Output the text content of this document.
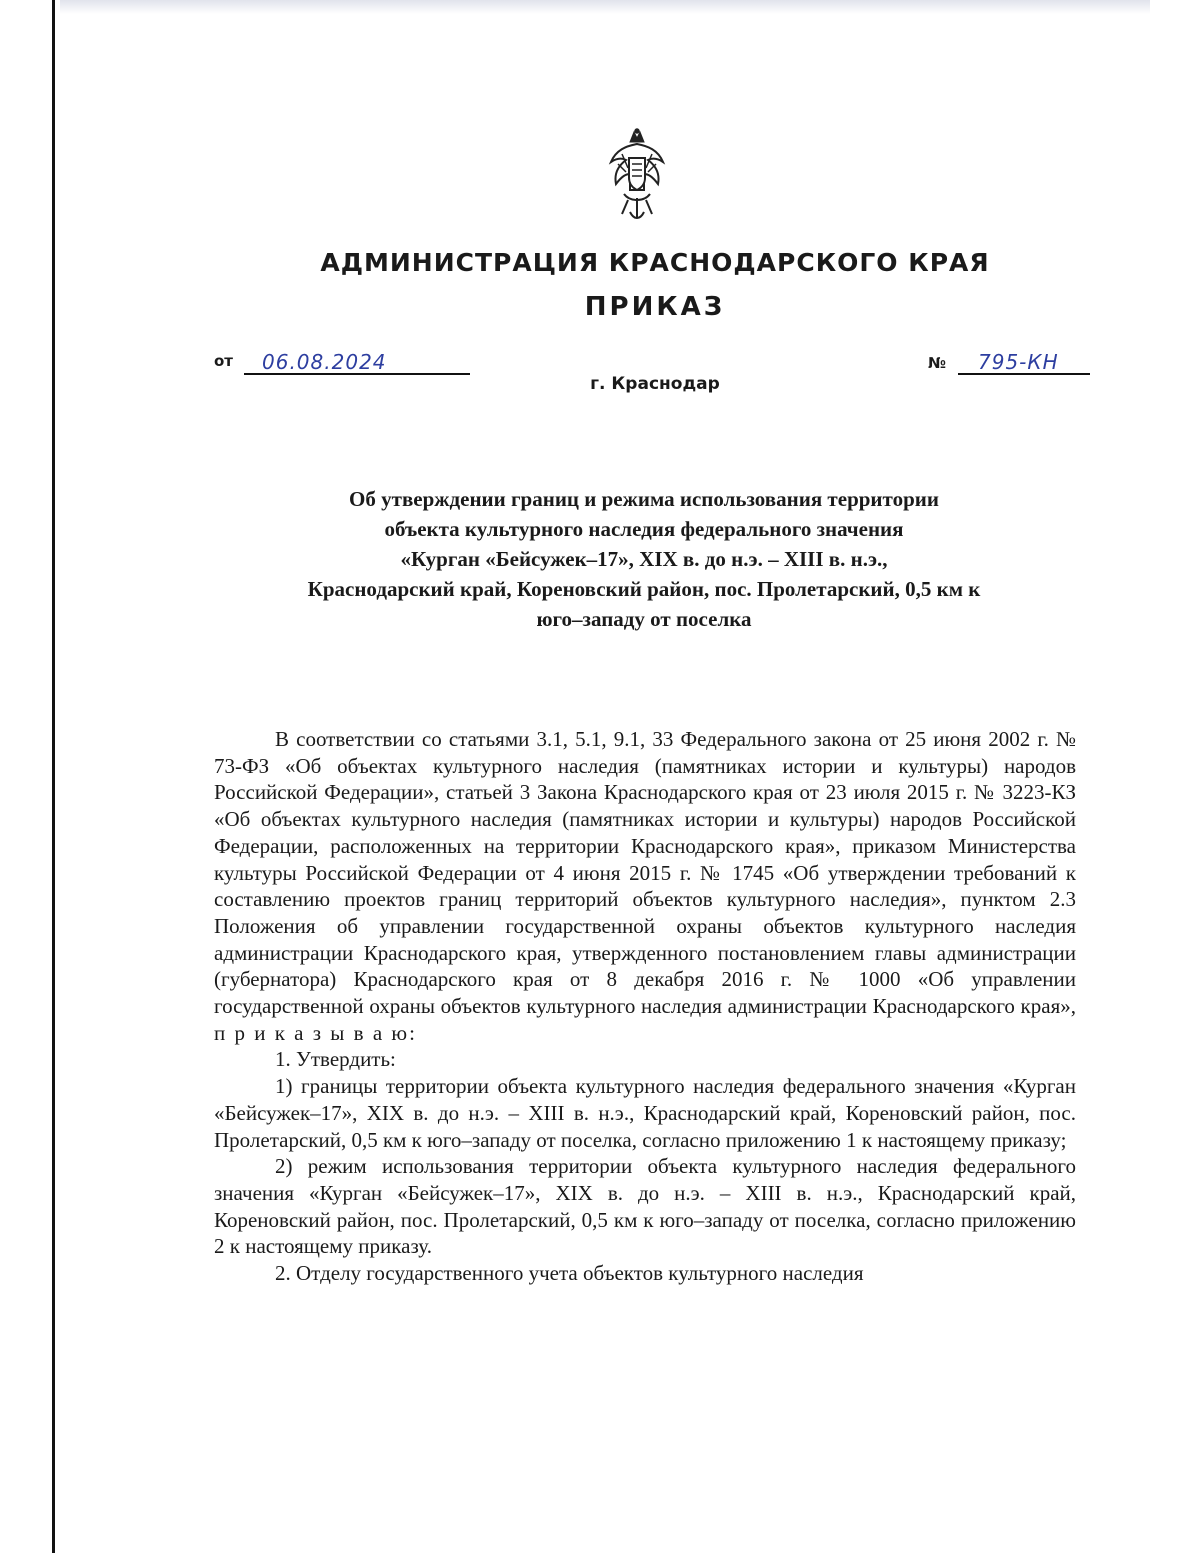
АДМИНИСТРАЦИЯ КРАСНОДАРСКОГО КРАЯ
ПРИКАЗ
от 06.08.2024	№ 795-КН
г. Краснодар
Об утверждении границ и режима использования территории
объекта культурного наследия федерального значения
«Курган «Бейсужек–17», XIX в. до н.э. – XIII в. н.э.,
Краснодарский край, Кореновский район, пос. Пролетарский, 0,5 км к
юго–западу от поселка

В соответствии со статьями 3.1, 5.1, 9.1, 33 Федерального закона от 25 июня 2002 г. № 73-ФЗ «Об объектах культурного наследия (памятниках истории и культуры) народов Российской Федерации», статьей 3 Закона Краснодарского края от 23 июля 2015 г. № 3223-КЗ «Об объектах культурного наследия (памятниках истории и культуры) народов Российской Федерации, расположенных на территории Краснодарского края», приказом Министерства культуры Российской Федерации от 4 июня 2015 г. № 1745 «Об утверждении требований к составлению проектов границ территорий объектов культурного наследия», пунктом 2.3 Положения об управлении государственной охраны объектов культурного наследия администрации Краснодарского края, утвержденного постановлением главы администрации (губернатора) Краснодарского края от 8 декабря 2016 г. № 1000 «Об управлении государственной охраны объектов культурного наследия администрации Краснодарского края», п р и к а з ы в а ю:

1. Утвердить:

1) границы территории объекта культурного наследия федерального значения «Курган «Бейсужек–17», XIX в. до н.э. – XIII в. н.э., Краснодарский край, Кореновский район, пос. Пролетарский, 0,5 км к юго–западу от поселка, согласно приложению 1 к настоящему приказу;

2) режим использования территории объекта культурного наследия федерального значения «Курган «Бейсужек–17», XIX в. до н.э. – XIII в. н.э., Краснодарский край, Кореновский район, пос. Пролетарский, 0,5 км к юго–западу от поселка, согласно приложению 2 к настоящему приказу.

2. Отделу государственного учета объектов культурного наследия
